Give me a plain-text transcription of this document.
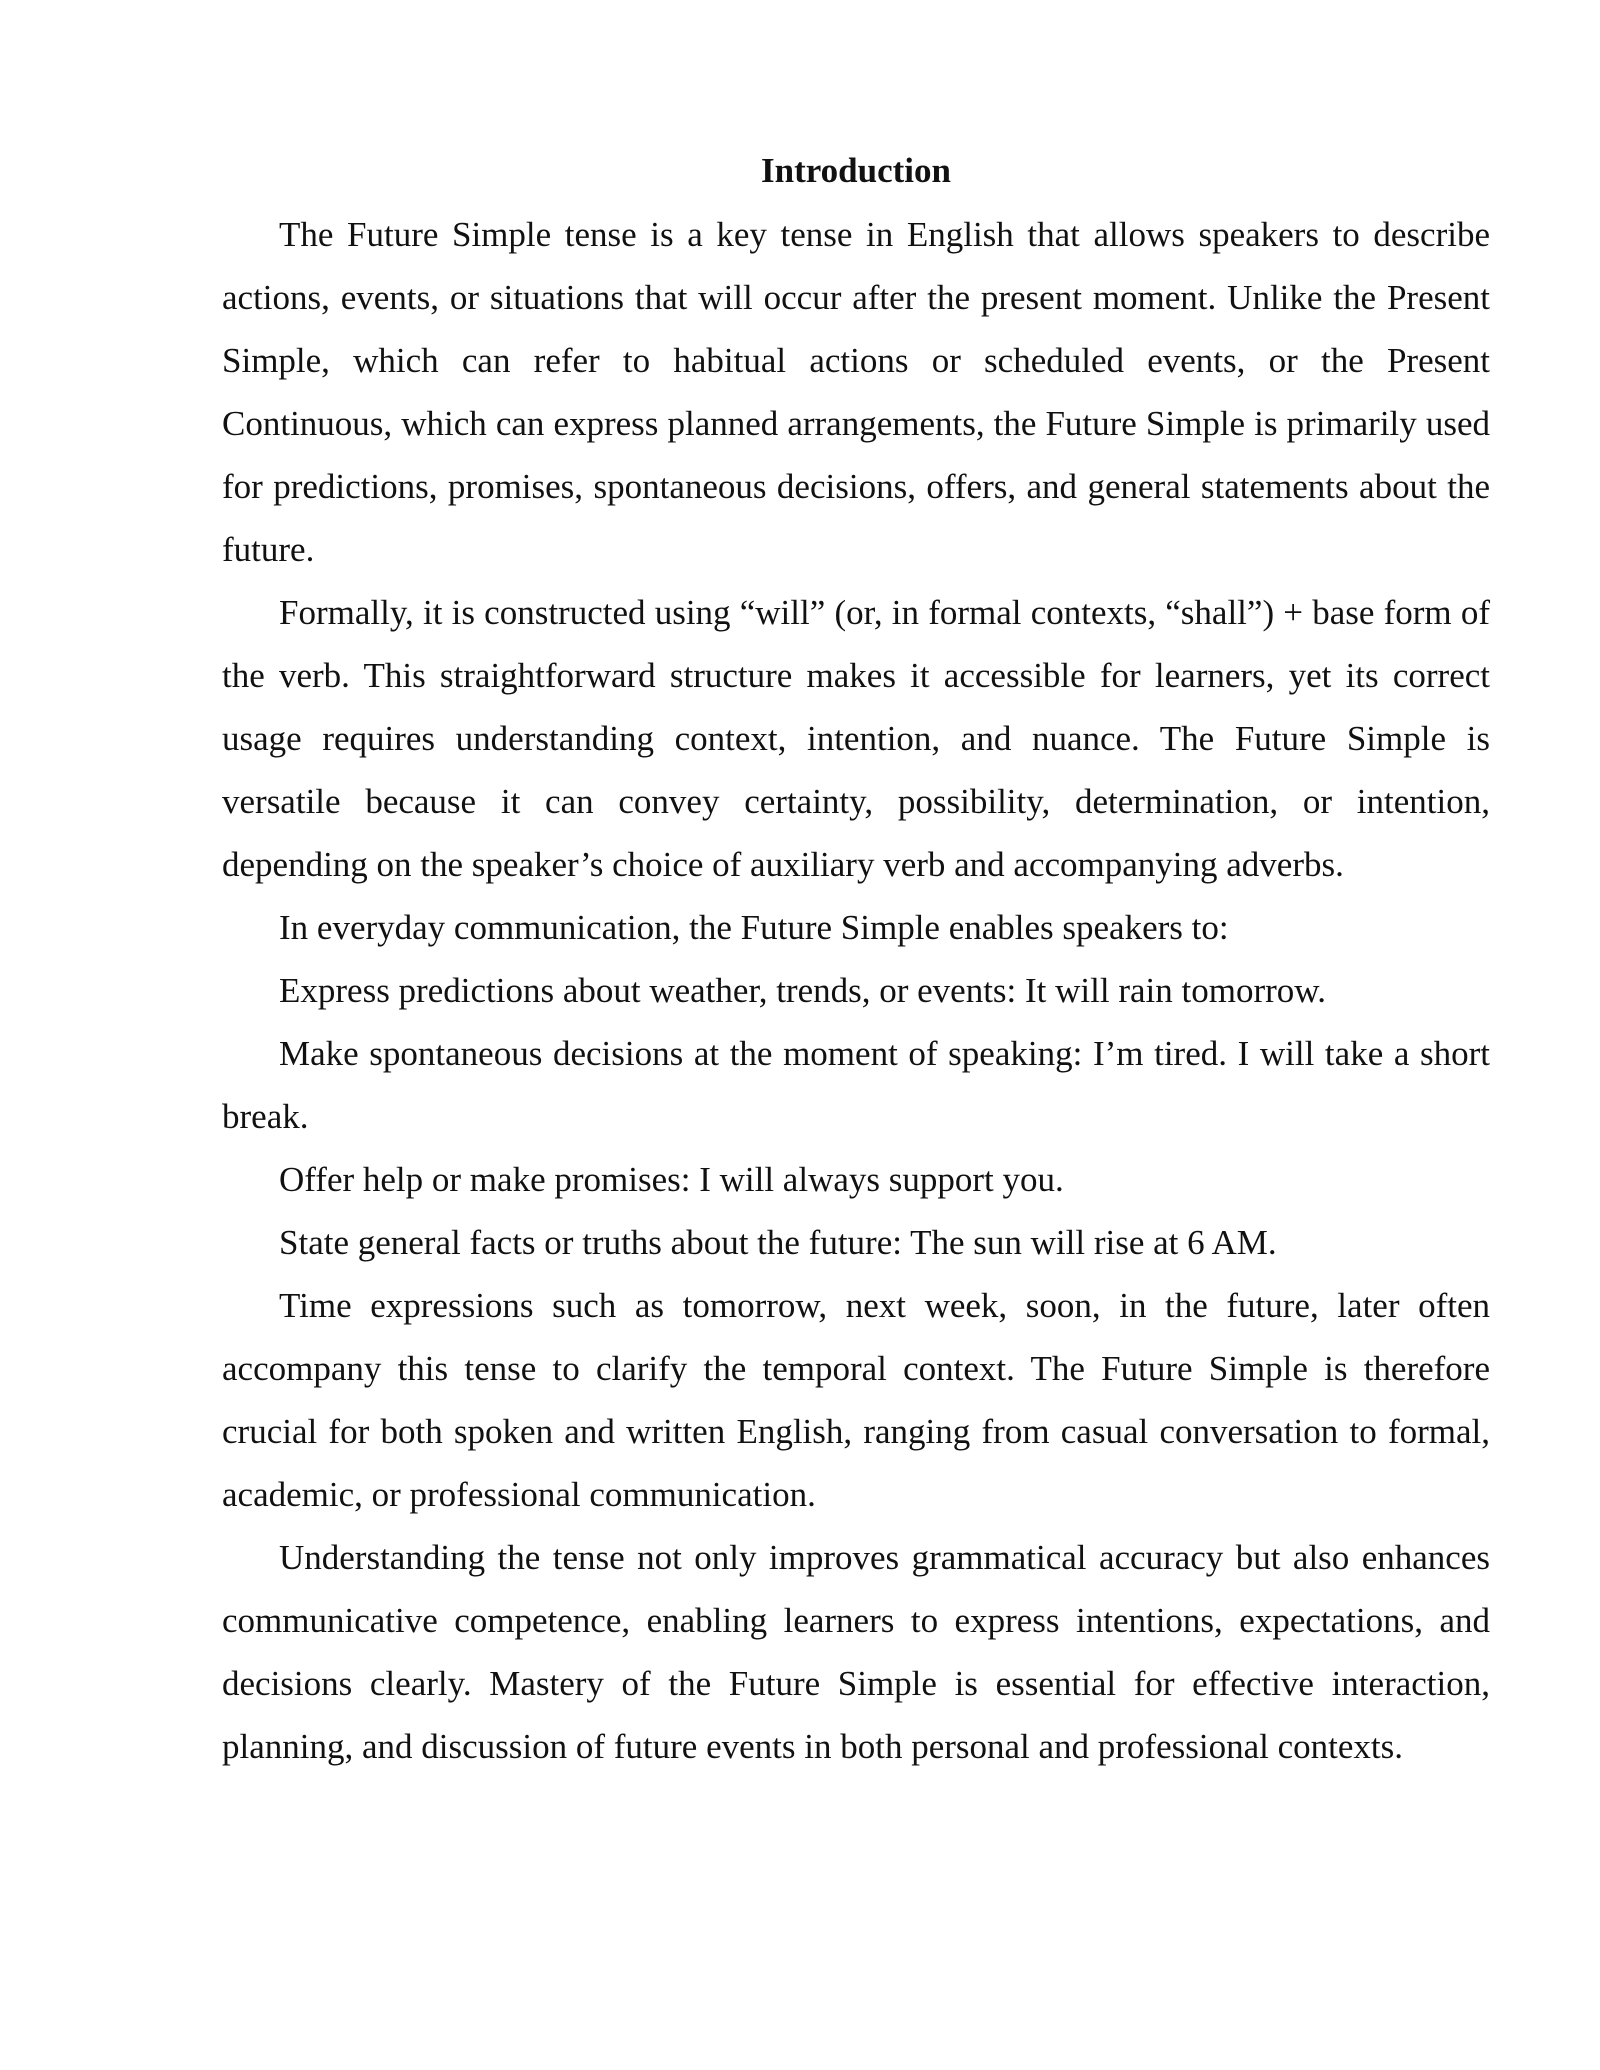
Introduction

The Future Simple tense is a key tense in English that allows speakers to describe actions, events, or situations that will occur after the present moment. Unlike the Present Simple, which can refer to habitual actions or scheduled events, or the Present Continuous, which can express planned arrangements, the Future Simple is primarily used for predictions, promises, spontaneous decisions, offers, and general statements about the future.

Formally, it is constructed using “will” (or, in formal contexts, “shall”) + base form of the verb. This straightforward structure makes it accessible for learners, yet its correct usage requires understanding context, intention, and nuance. The Future Simple is versatile because it can convey certainty, possibility, determination, or intention, depending on the speaker’s choice of auxiliary verb and accompanying adverbs.

In everyday communication, the Future Simple enables speakers to:

Express predictions about weather, trends, or events: It will rain tomorrow.

Make spontaneous decisions at the moment of speaking: I’m tired. I will take a short break.

Offer help or make promises: I will always support you.

State general facts or truths about the future: The sun will rise at 6 AM.

Time expressions such as tomorrow, next week, soon, in the future, later often accompany this tense to clarify the temporal context. The Future Simple is therefore crucial for both spoken and written English, ranging from casual conversation to formal, academic, or professional communication.

Understanding the tense not only improves grammatical accuracy but also enhances communicative competence, enabling learners to express intentions, expectations, and decisions clearly. Mastery of the Future Simple is essential for effective interaction, planning, and discussion of future events in both personal and professional contexts.
